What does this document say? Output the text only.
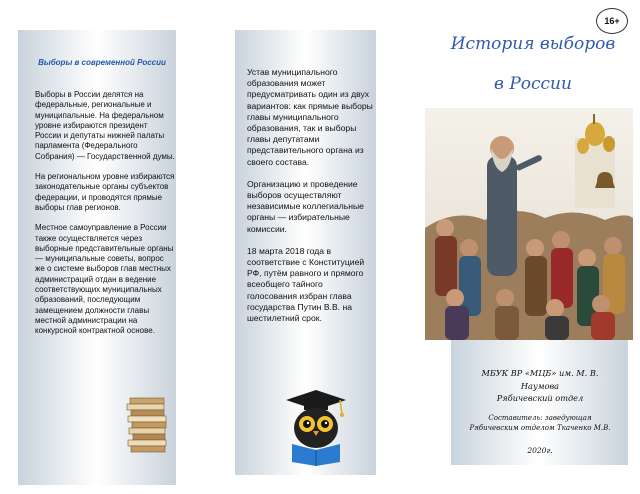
Выборы в современной России

Выборы в России делятся на федеральные, региональные и муниципальные. На федеральном уровне избираются президент России и депутаты нижней палаты парламента (Федерального Собрания) — Государственной думы.

На региональном уровне избираются законодательные органы субъектов федерации, и проводятся прямые выборы глав регионов.

Местное самоуправление в России также осуществляется через выборные представительные органы — муниципальные советы, вопрос же о системе выборов глав местных администраций отдан в ведение соответствующих муниципальных образований, последующим замещением должности главы местной администрации на конкурсной контрактной основе.

Устав муниципального образования может предусматривать один из двух вариантов: как прямые выборы главы муниципального образования, так и выборы главы депутатами представительного органа из своего состава.

Организацию и проведение выборов осуществляют независимые коллегиальные органы — избирательные комиссии.

18 марта 2018 года в соответствие с Конституцией РФ, путём равного и прямого всеобщего тайного голосования избран глава государства Путин В.В. на шестилетний срок.

16+
История выборов
в России
МБУК ВР «МЦБ» им. М. В.
Наумова
Рябичевский отдел
Составитель: заведующая
Рябичевским отделом Ткаченко М.В.
2020г.
